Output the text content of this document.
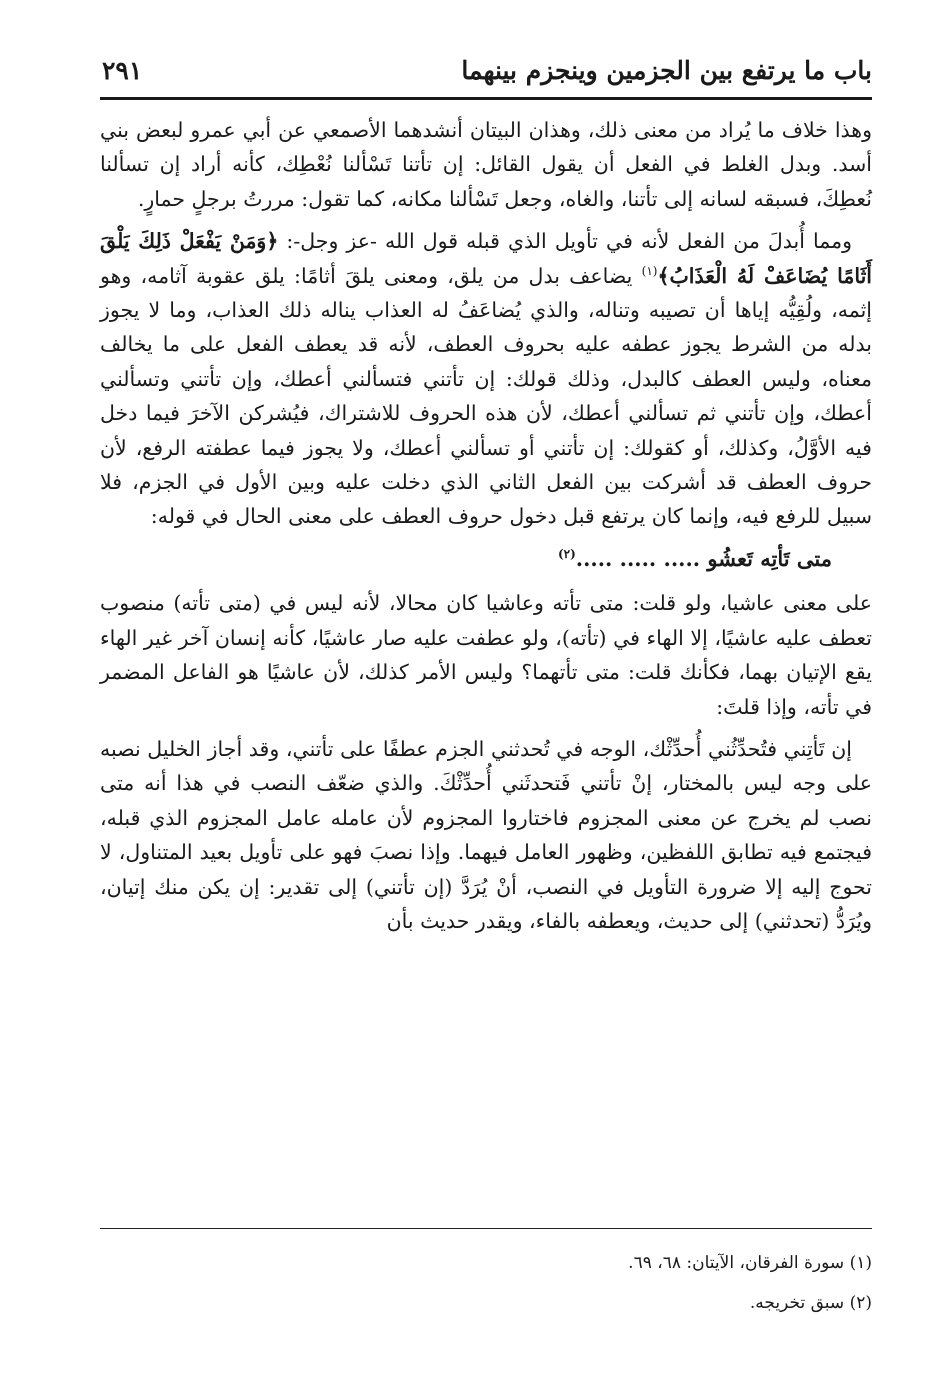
باب ما يرتفع بين الجزمين وينجزم بينهما
٢٩١

وهذا خلاف ما يُراد من معنى ذلك، وهذان البيتان أنشدهما الأصمعي عن أبي عمرو لبعض بني أسد. وبدل الغلط في الفعل أن يقول القائل: إن تأتنا تَسْألنا نُعْطِك، كأنه أراد إن تسألنا نُعطِكَ، فسبقه لسانه إلى تأتنا، والغاه، وجعل تَسْألنا مكانه، كما تقول: مررتُ برجلٍ حمارٍ.

ومما أُبدلَ من الفعل لأنه في تأويل الذي قبله قول الله -عز وجل-: ﴿وَمَنْ يَفْعَلْ ذَلِكَ يَلْقَ أَثَامًا يُضَاعَفْ لَهُ الْعَذَابُ﴾$^{(١)}$ يضاعف بدل من يلق، ومعنى يلقَ أثامًا: يلق عقوبة آثامه، وهو إثمه، ولُقِيُّه إياها أن تصيبه وتناله، والذي يُضاعَفُ له العذاب يناله ذلك العذاب، وما لا يجوز بدله من الشرط يجوز عطفه عليه بحروف العطف، لأنه قد يعطف الفعل على ما يخالف معناه، وليس العطف كالبدل، وذلك قولك: إن تأتني فتسألني أعطك، وإن تأتني وتسألني أعطك، وإن تأتني ثم تسألني أعطك، لأن هذه الحروف للاشتراك، فيُشركن الآخرَ فيما دخل فيه الأوَّلُ، وكذلك، أو كقولك: إن تأتني أو تسألني أعطك، ولا يجوز فيما عطفته الرفع، لأن حروف العطف قد أشركت بين الفعل الثاني الذي دخلت عليه وبين الأول في الجزم، فلا سبيل للرفع فيه، وإنما كان يرتفع قبل دخول حروف العطف على معنى الحال في قوله:

متى تَأتِه تَعشُو ..... ..... .....$^{(٢)}$

على معنى عاشيا، ولو قلت: متى تأته وعاشيا كان محالا، لأنه ليس في (متى تأته) منصوب تعطف عليه عاشيًا، إلا الهاء في (تأته)، ولو عطفت عليه صار عاشيًا، كأنه إنسان آخر غير الهاء يقع الإتيان بهما، فكأنك قلت: متى تأتهما؟ وليس الأمر كذلك، لأن عاشيًا هو الفاعل المضمر في تأته، وإذا قلتَ:

إن تَأتِني فتُحدِّثُني أُحدِّثْك، الوجه في تُحدثني الجزم عطفًا على تأتني، وقد أجاز الخليل نصبه على وجه ليس بالمختار، إنْ تأتني فَتحدثَني أُحدِّثْكَ. والذي ضعّف النصب في هذا أنه متى نصب لم يخرج عن معنى المجزوم فاختاروا المجزوم لأن عامله عامل المجزوم الذي قبله، فيجتمع فيه تطابق اللفظين، وظهور العامل فيهما. وإذا نصبَ فهو على تأويل بعيد المتناول، لا تحوج إليه إلا ضرورة التأويل في النصب، أنْ يُرَدَّ (إن تأتني) إلى تقدير: إن يكن منك إتيان، ويُرَدُّ (تحدثني) إلى حديث، ويعطفه بالفاء، ويقدر حديث بأن

(١) سورة الفرقان، الآيتان: ٦٨، ٦٩.
(٢) سبق تخريجه.
